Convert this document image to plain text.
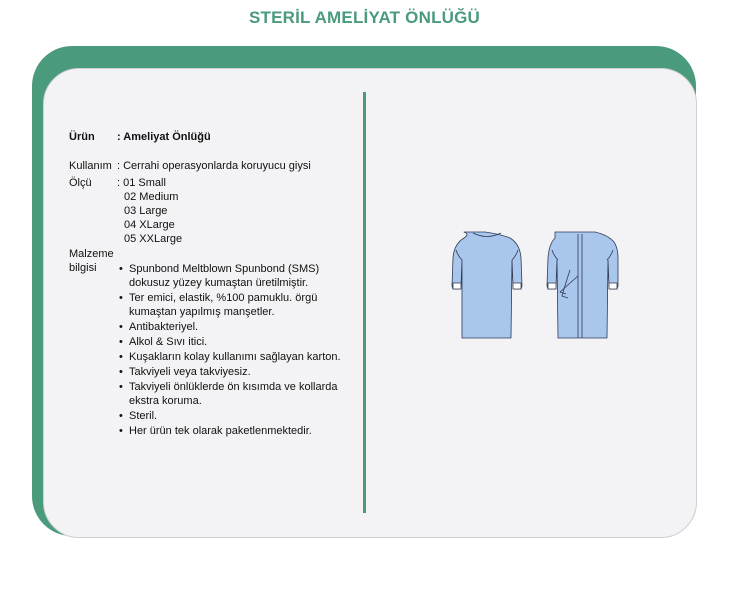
STERİL AMELİYAT ÖNLÜĞÜ
Ürün : Ameliyat Önlüğü
Kullanım : Cerrahi operasyonlarda koruyucu giysi
Ölçü : 01 Small
02 Medium
03 Large
04 XLarge
05 XXLarge
Malzeme
bilgisi
•	Spunbond Meltblown Spunbond (SMS) dokusuz yüzey kumaştan üretilmiştir.
• Ter emici, elastik, %100 pamuklu. örgü kumaştan yapılmış manşetler.
• Antibakteriyel.
• Alkol & Sıvı itici.
• Kuşakların kolay kullanımı sağlayan karton.
• Takviyeli veya takviyesiz.
• Takviyeli önlüklerde ön kısımda ve kollarda ekstra koruma.
• Steril.
• Her ürün tek olarak paketlenmektedir.
